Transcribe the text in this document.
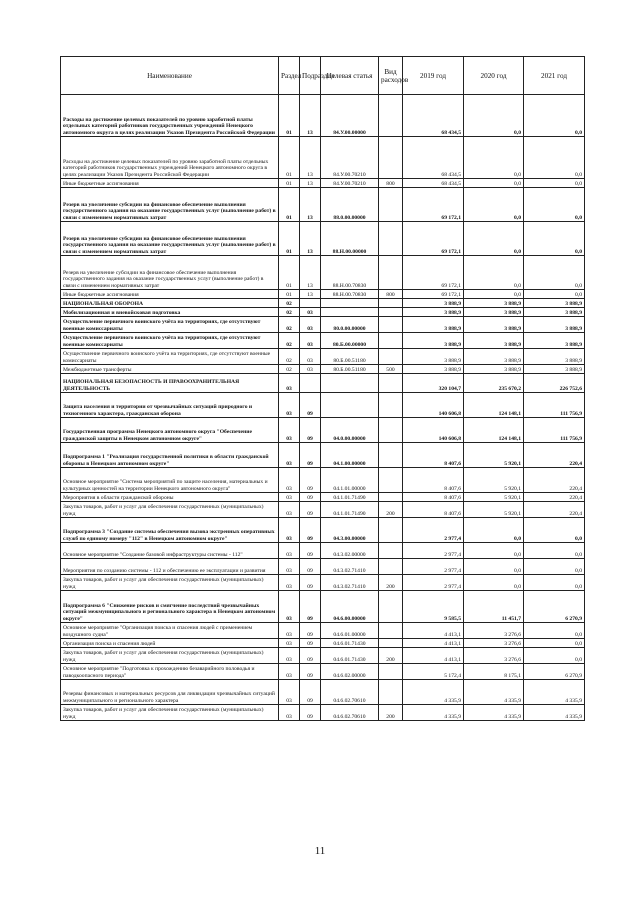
Наименование	Раздел	Подраздел	Целевая статья	Вид расходов	2019 год	2020 год	2021 год
Расходы на достижение целевых показателей по уровню заработной платы отдельных категорий работников государственных учреждений Ненецкого автономного округа в целях реализации Указов Президента Российской Федерации	01	13	84.У.00.00000		68 434,5	0,0	0,0
Расходы на достижение целевых показателей по уровню заработной платы отдельных категорий работников государственных учреждений Ненецкого автономного округа в целях реализации Указов Президента Российской Федерации	01	13	84.У.00.70210		68 434,5	0,0	0,0
Иные бюджетные ассигнования	01	13	84.У.00.70210	800	68 434,5	0,0	0,0
Резерв на увеличение субсидии на финансовое обеспечение выполнения государственного задания на оказание государственных услуг (выполнение работ) в связи с изменением нормативных затрат	01	13	88.0.00.00000		69 172,1	0,0	0,0
Резерв на увеличение субсидии на финансовое обеспечение выполнения государственного задания на оказание государственных услуг (выполнение работ) в связи с изменением нормативных затрат	01	13	88.Н.00.00000		69 172,1	0,0	0,0
Резерв на увеличение субсидии на финансовое обеспечение выполнения государственного задания на оказание государственных услуг (выполнение работ) в связи с изменением нормативных затрат	01	13	88.Н.00.70830		69 172,1	0,0	0,0
Иные бюджетные ассигнования	01	13	88.Н.00.70830	800	69 172,1	0,0	0,0
НАЦИОНАЛЬНАЯ ОБОРОНА	02				3 888,9	3 888,9	3 888,9
Мобилизационная и вневойсковая подготовка	02	03			3 888,9	3 888,9	3 888,9
Осуществление первичного воинского учёта на территориях, где отсутствуют военные комиссариаты	02	03	80.0.00.00000		3 888,9	3 888,9	3 888,9
Осуществление первичного воинского учёта на территориях, где отсутствуют военные комиссариаты	02	03	80.Б.00.00000		3 888,9	3 888,9	3 888,9
Осуществление первичного воинского учёта на территориях, где отсутствуют военные комиссариаты	02	03	80.Б.00.51180		3 888,9	3 888,9	3 888,9
Межбюджетные трансферты	02	03	80.Б.00.51180	500	3 888,9	3 888,9	3 888,9
НАЦИОНАЛЬНАЯ БЕЗОПАСНОСТЬ И ПРАВООХРАНИТЕЛЬНАЯ ДЕЯТЕЛЬНОСТЬ	03				320 104,7	235 670,2	226 752,6
Защита населения и территории от чрезвычайных ситуаций природного и техногенного характера, гражданская оборона	03	09			140 606,8	124 148,1	111 756,9
Государственная программа Ненецкого автономного округа "Обеспечение гражданской защиты в Ненецком автономном округе"	03	09	04.0.00.00000		140 606,8	124 148,1	111 756,9
Подпрограмма 1 "Реализация государственной политики в области гражданской обороны в Ненецком автономном округе"	03	09	04.1.00.00000		8 407,6	5 920,1	220,4
Основное мероприятие "Система мероприятий по защите населения, материальных и культурных ценностей на территории Ненецкого автономного округа"	03	09	04.1.01.00000		8 407,6	5 920,1	220,4
Мероприятия в области гражданской обороны	03	09	04.1.01.71490		8 407,6	5 920,1	220,4
Закупка товаров, работ и услуг для обеспечения государственных (муниципальных) нужд	03	09	04.1.01.71490	200	8 407,6	5 920,1	220,4
Подпрограмма 3 "Создание системы обеспечения вызова экстренных оперативных служб по единому номеру "112" в Ненецком автономном округе"	03	09	04.3.00.00000		2 977,4	0,0	0,0
Основное мероприятие "Создание базовой инфраструктуры системы - 112"	03	09	04.3.02.00000		2 977,4	0,0	0,0
Мероприятия по созданию системы - 112 и обеспечению ее эксплуатации и развития	03	09	04.3.02.71410		2 977,4	0,0	0,0
Закупка товаров, работ и услуг для обеспечения государственных (муниципальных) нужд	03	09	04.3.02.71410	200	2 977,4	0,0	0,0
Подпрограмма 6 "Снижение рисков и смягчение последствий чрезвычайных ситуаций межмуниципального и регионального характера в Ненецком автономном округе"	03	09	04.6.00.00000		9 585,5	11 451,7	6 270,9
Основное мероприятие "Организация поиска и спасения людей с применением воздушного судна"	03	09	04.6.01.00000		4 413,1	3 276,6	0,0
Организация поиска и спасения людей	03	09	04.6.01.71430		4 413,1	3 276,6	0,0
Закупка товаров, работ и услуг для обеспечения государственных (муниципальных) нужд	03	09	04.6.01.71430	200	4 413,1	3 276,6	0,0
Основное мероприятие "Подготовка к прохождению безаварийного половодья и паводкоопасного периода"	03	09	04.6.02.00000		5 172,4	8 175,1	6 270,9
Резервы финансовых и материальных ресурсов для ликвидации чрезвычайных ситуаций межмуниципального и регионального характера	03	09	04.6.02.70610		4 335,9	4 335,9	4 335,9
Закупка товаров, работ и услуг для обеспечения государственных (муниципальных) нужд	03	09	04.6.02.70610	200	4 335,9	4 335,9	4 335,9
11
